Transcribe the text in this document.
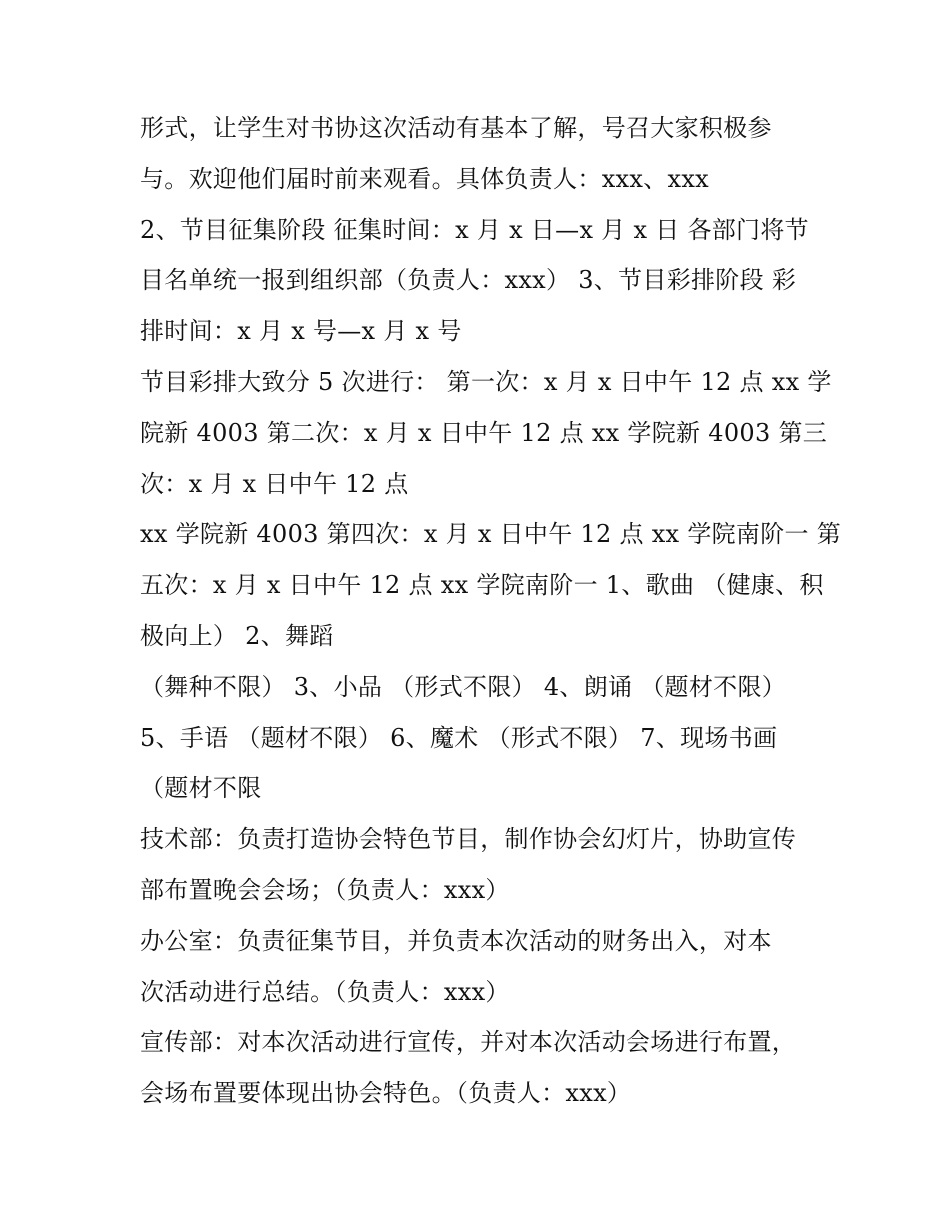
形式，让学生对书协这次活动有基本了解，号召大家积极参
与。欢迎他们届时前来观看。具体负责人：xxx、xxx
2、节目征集阶段 征集时间：x 月 x 日—x 月 x 日 各部门将节
目名单统一报到组织部（负责人：xxx） 3、节目彩排阶段 彩
排时间：x 月 x 号—x 月 x 号
节目彩排大致分 5 次进行： 第一次：x 月 x 日中午 12 点 xx 学
院新 4003 第二次：x 月 x 日中午 12 点 xx 学院新 4003 第三
次：x 月 x 日中午 12 点
xx 学院新 4003 第四次：x 月 x 日中午 12 点 xx 学院南阶一 第
五次：x 月 x 日中午 12 点 xx 学院南阶一 1、歌曲 （健康、积
极向上） 2、舞蹈
（舞种不限） 3、小品 （形式不限） 4、朗诵 （题材不限）
5、手语 （题材不限） 6、魔术 （形式不限） 7、现场书画
（题材不限
技术部：负责打造协会特色节目，制作协会幻灯片，协助宣传
部布置晚会会场；（负责人：xxx）
办公室：负责征集节目，并负责本次活动的财务出入，对本
次活动进行总结。（负责人：xxx）
宣传部：对本次活动进行宣传，并对本次活动会场进行布置，
会场布置要体现出协会特色。（负责人：xxx）
